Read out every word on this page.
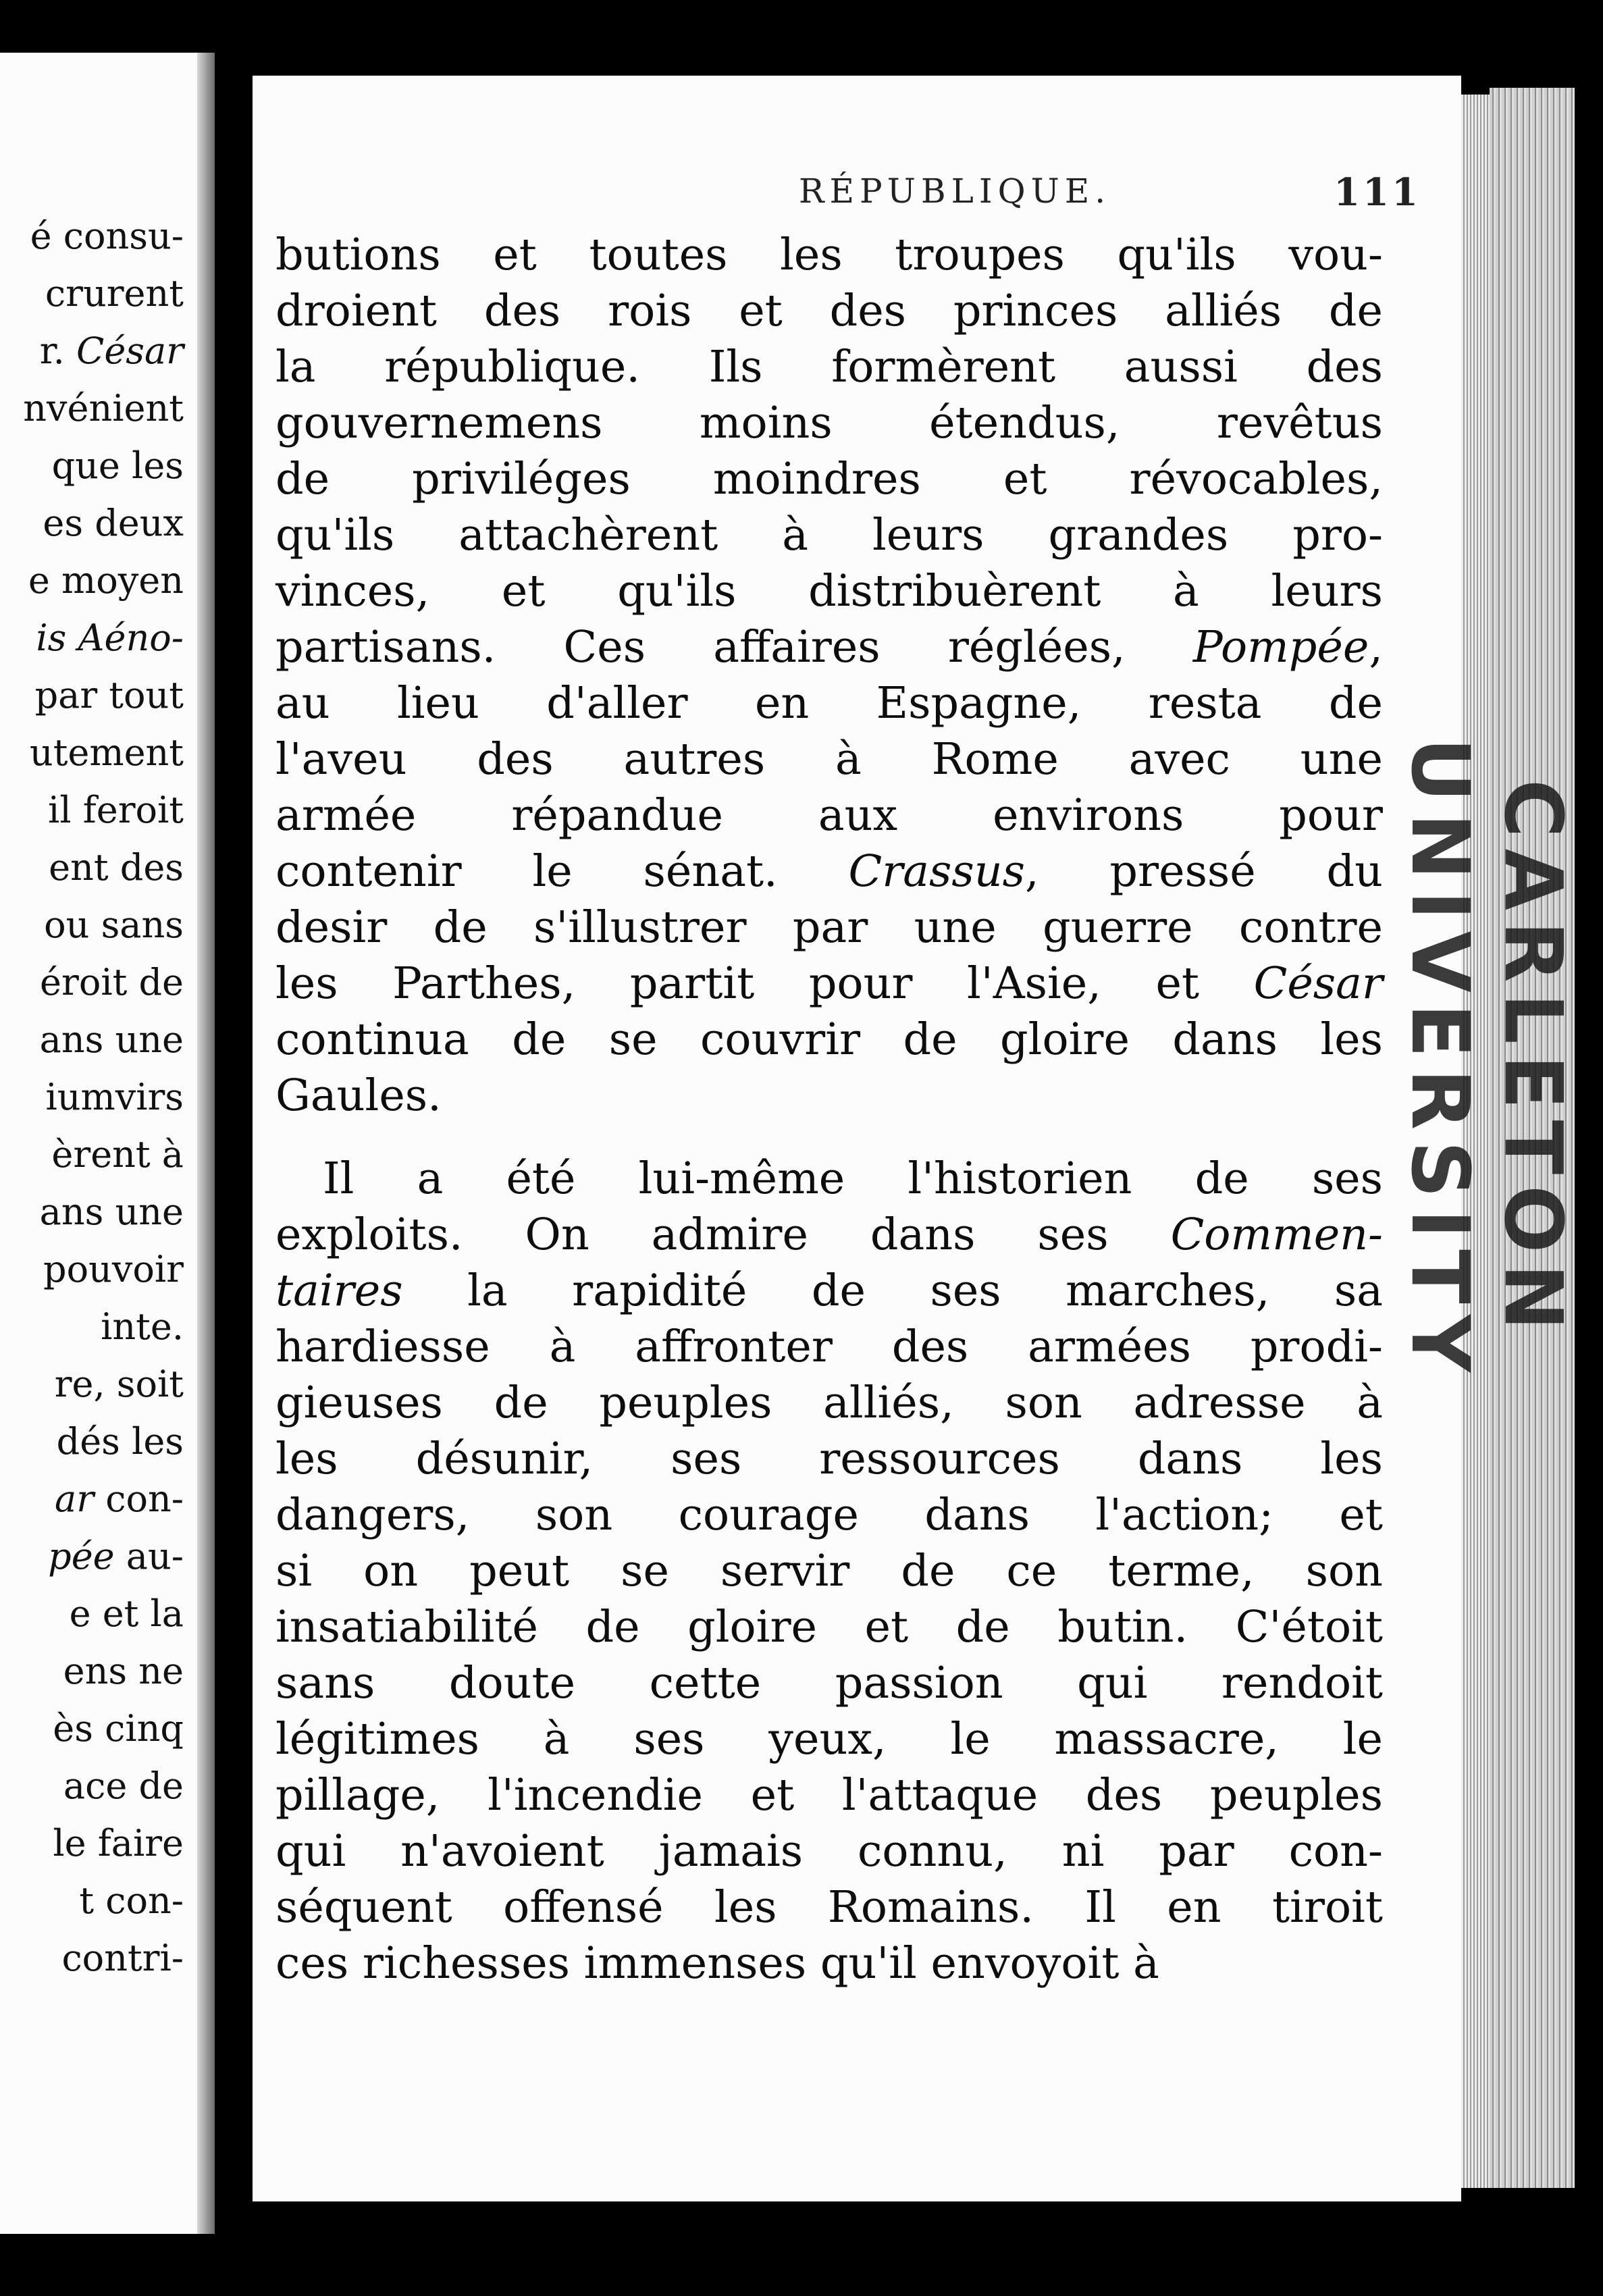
é consu-
crurent
r. César
nvénient
que les
es deux
e moyen
is Aéno-
par tout
utement
il feroit
ent des
ou sans
éroit de
ans une
iumvirs
èrent à
ans une
pouvoir
inte.
re, soit
dés les
ar con-
pée au-
e et la
ens ne
ès cinq
ace de
le faire
t con-
contri-
RÉPUBLIQUE.	111
butions et toutes les troupes qu'ils vou-
droient des rois et des princes alliés de
la république. Ils formèrent aussi des
gouvernemens moins étendus, revêtus
de priviléges moindres et révocables,
qu'ils attachèrent à leurs grandes pro-
vinces, et qu'ils distribuèrent à leurs
partisans. Ces affaires réglées, Pompée,
au lieu d'aller en Espagne, resta de
l'aveu des autres à Rome avec une
armée répandue aux environs pour
contenir le sénat. Crassus, pressé du
desir de s'illustrer par une guerre contre
les Parthes, partit pour l'Asie, et César
continua de se couvrir de gloire dans les
Gaules.
Il a été lui-même l'historien de ses
exploits. On admire dans ses Commen-
taires la rapidité de ses marches, sa
hardiesse à affronter des armées prodi-
gieuses de peuples alliés, son adresse à
les désunir, ses ressources dans les
dangers, son courage dans l'action; et
si on peut se servir de ce terme, son
insatiabilité de gloire et de butin. C'étoit
sans doute cette passion qui rendoit
légitimes à ses yeux, le massacre, le
pillage, l'incendie et l'attaque des peuples
qui n'avoient jamais connu, ni par con-
séquent offensé les Romains. Il en tiroit
ces richesses immenses qu'il envoyoit à
CARLETON UNIVERSITY
